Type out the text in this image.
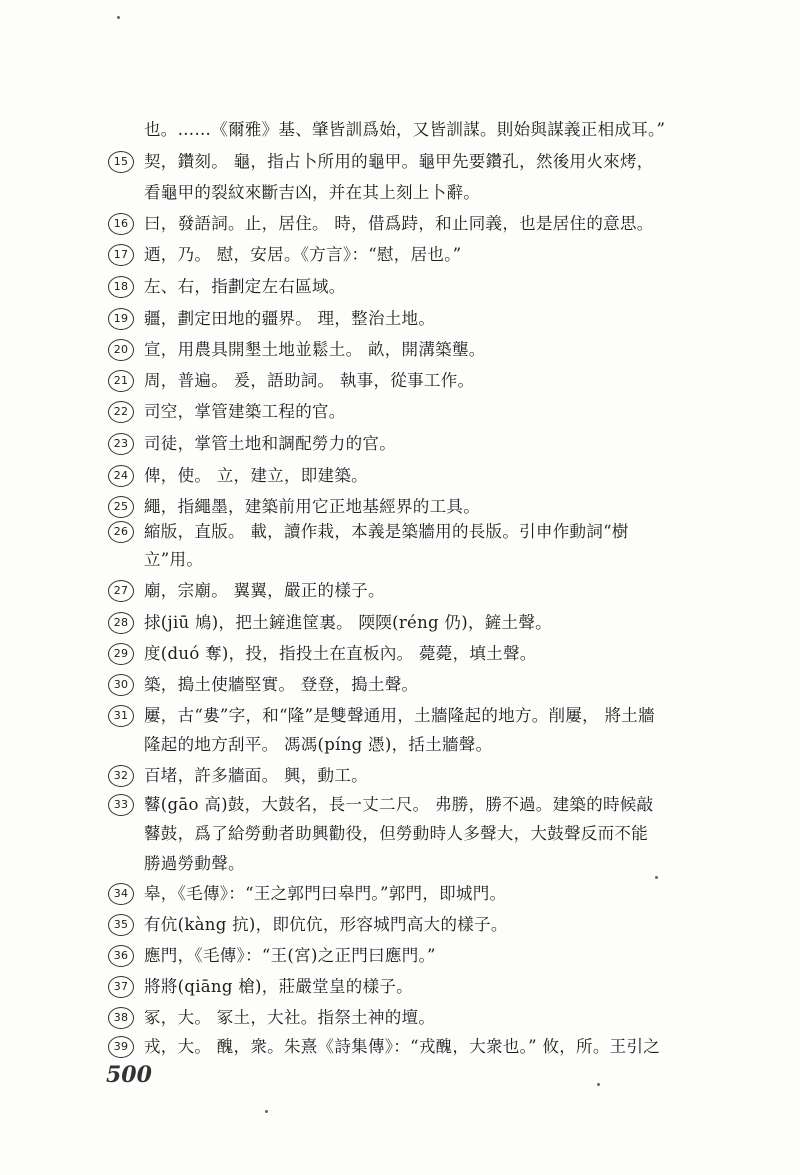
也。……《爾雅》基、肇皆訓爲始，又皆訓謀。則始與謀義正相成耳。”
15 契，鑽刻。 龜，指占卜所用的龜甲。龜甲先要鑽孔，然後用火來烤，
看龜甲的裂紋來斷吉凶，并在其上刻上卜辭。
16 曰，發語詞。止，居住。 時，借爲跱，和止同義，也是居住的意思。
17 迺，乃。 慰，安居。《方言》：“慰，居也。”
18 左、右，指劃定左右區域。
19 疆，劃定田地的疆界。 理，整治土地。
20 宣，用農具開墾土地並鬆土。 畝，開溝築壟。
21 周，普遍。 爰，語助詞。 執事，從事工作。
22 司空，掌管建築工程的官。
23 司徒，掌管土地和調配勞力的官。
24 俾，使。 立，建立，即建築。
25 繩，指繩墨，建築前用它正地基經界的工具。
26 縮版，直版。 載，讀作栽，本義是築牆用的長版。引申作動詞“樹
立”用。
27 廟，宗廟。 翼翼，嚴正的樣子。
28 捄(jiū 鳩)，把土鏟進筐裏。 陾陾(réng 仍)，鏟土聲。
29 度(duó 奪)，投，指投土在直板內。 薨薨，填土聲。
30 築，搗土使牆堅實。 登登，搗土聲。
31 屢，古“婁”字，和“隆”是雙聲通用，土牆隆起的地方。削屢， 將土牆
隆起的地方刮平。 馮馮(píng 憑)，括土牆聲。
32 百堵，許多牆面。 興，動工。
33 鼛(gāo 高)鼓，大鼓名，長一丈二尺。 弗勝，勝不過。建築的時候敲
鼛鼓，爲了給勞動者助興勸役，但勞動時人多聲大，大鼓聲反而不能
勝過勞動聲。
34 皋，《毛傳》：“王之郭門曰皋門。”郭門，即城門。
35 有伉(kàng 抗)，即伉伉，形容城門高大的樣子。
36 應門，《毛傳》：“王(宮)之正門曰應門。”
37 將將(qiāng 槍)，莊嚴堂皇的樣子。
38 冢，大。 冢土，大社。指祭土神的壇。
39 戎，大。 醜，衆。朱熹《詩集傳》：“戎醜，大衆也。” 攸，所。王引之
500
